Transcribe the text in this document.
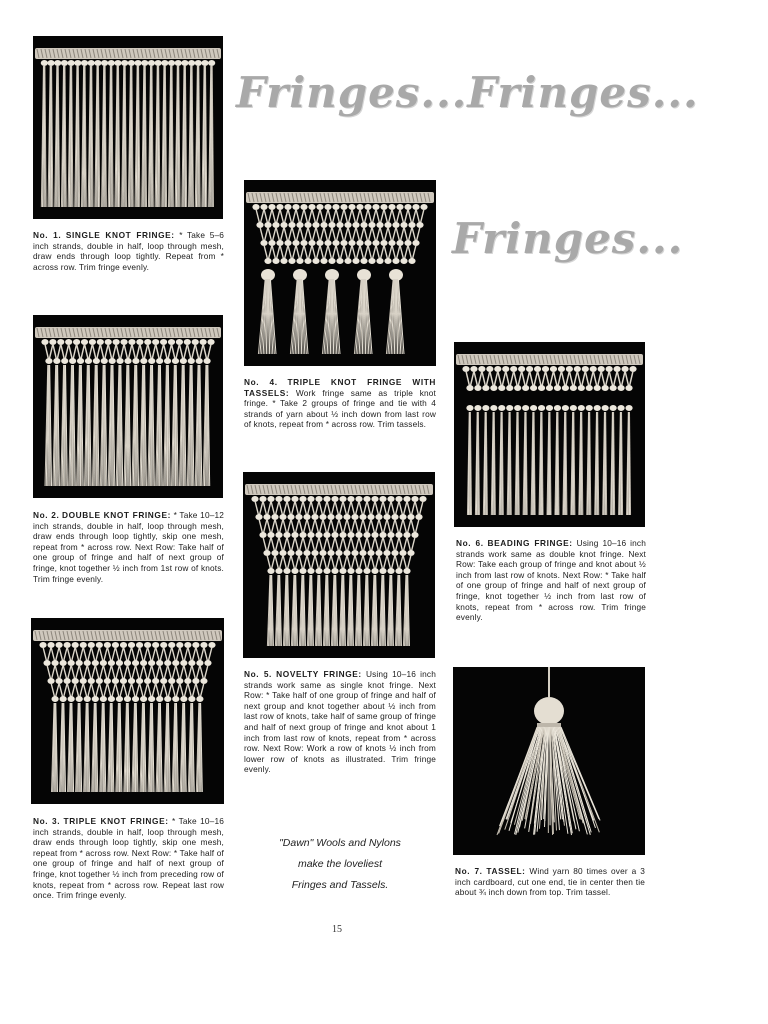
Fringes...Fringes...
Fringes...
No. 1. SINGLE KNOT FRINGE: * Take 5–6 inch strands, double in half, loop through mesh, draw ends through loop tightly. Repeat from * across row. Trim fringe evenly.
No. 2. DOUBLE KNOT FRINGE: * Take 10–12 inch strands, double in half, loop through mesh, draw ends through loop tightly, skip one mesh, repeat from * across row. Next Row: Take half of one group of fringe and half of next group of fringe, knot together ½ inch from 1st row of knots. Trim fringe evenly.
No. 3. TRIPLE KNOT FRINGE: * Take 10–16 inch strands, double in half, loop through mesh, draw ends through loop tightly, skip one mesh, repeat from * across row. Next Row: * Take half of one group of fringe and half of next group of fringe, knot together ½ inch from preceding row of knots, repeat from * across row. Repeat last row once. Trim fringe evenly.
No. 4. TRIPLE KNOT FRINGE WITH TASSELS: Work fringe same as triple knot fringe. * Take 2 groups of fringe and tie with 4 strands of yarn about ½ inch down from last row of knots, repeat from * across row. Trim tassels.
No. 5. NOVELTY FRINGE: Using 10–16 inch strands work same as single knot fringe. Next Row: * Take half of one group of fringe and half of next group and knot together about ½ inch from last row of knots, take half of same group of fringe and half of next group of fringe and knot about 1 inch from last row of knots, repeat from * across row. Next Row: Work a row of knots ½ inch from lower row of knots as illustrated. Trim fringe evenly.
No. 6. BEADING FRINGE: Using 10–16 inch strands work same as double knot fringe. Next Row: Take each group of fringe and knot about ½ inch from last row of knots. Next Row: * Take half of one group of fringe and half of next group of fringe, knot together ½ inch from last row of knots, repeat from * across row. Trim fringe evenly.
No. 7. TASSEL: Wind yarn 80 times over a 3 inch cardboard, cut one end, tie in center then tie about ¾ inch down from top. Trim tassel.
"Dawn" Wools and Nylons
make the loveliest
Fringes and Tassels.
15
